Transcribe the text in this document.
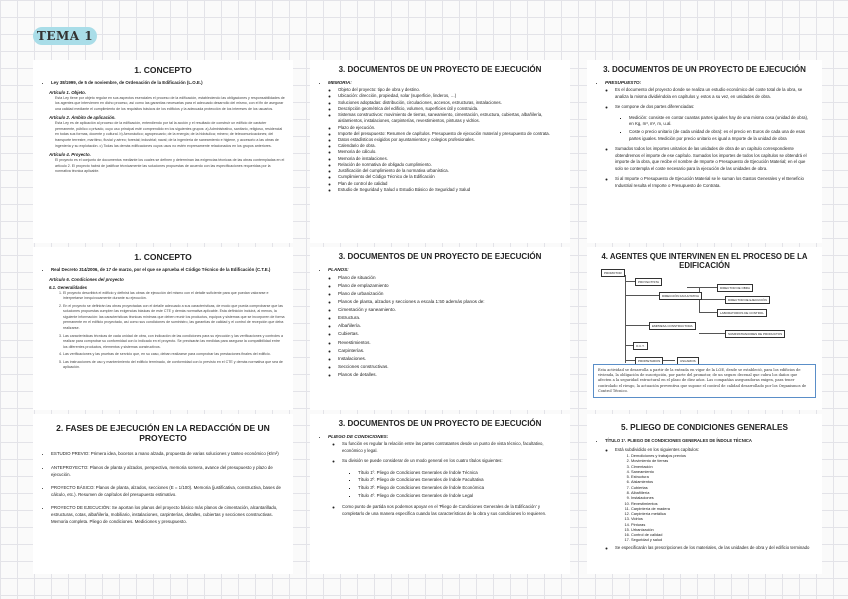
TEMA 1
1. CONCEPTO
• Ley 38/1999, de 5 de noviembre, de Ordenación de la Edificación (L.O.E.)
Artículo 1. Objeto.
Esta Ley tiene por objeto regular en sus aspectos esenciales el proceso de la edificación, estableciendo las obligaciones y responsabilidades de los agentes que intervienen en dicho proceso, así como las garantías necesarias para el adecuado desarrollo del mismo, con el fin de asegurar una calidad mediante el cumplimiento de los requisitos básicos de los edificios y la adecuada protección de los intereses de los usuarios.
Artículo 2. Ámbito de aplicación.
Esta Ley es de aplicación al proceso de la edificación, entendiendo por tal la acción y el resultado de construir un edificio de carácter permanente, público o privado, cuyo uso principal esté comprendido en los siguientes grupos: a) Administrativo, sanitario, religioso, residencial en todas sus formas, docente y cultural. b) Aeronáutico; agropecuario; de la energía; de la hidráulica; minero; de telecomunicaciones; del transporte terrestre, marítimo, fluvial y aéreo; forestal; industrial; naval; de la ingeniería de saneamiento e higiene, y accesorio a las obras de ingeniería y su explotación. c) Todas las demás edificaciones cuyos usos no estén expresamente relacionados en los grupos anteriores.
Artículo 4. Proyecto.
El proyecto es el conjunto de documentos mediante los cuales se definen y determinan las exigencias técnicas de las obras contempladas en el artículo 2. El proyecto habrá de justificar técnicamente las soluciones propuestas de acuerdo con las especificaciones requeridas por la normativa técnica aplicable.
1. CONCEPTO
• Real Decreto 314/2006, de 17 de marzo, por el que se aprueba el Código Técnico de la Edificación (C.T.E.)
Artículo 6. Condiciones del proyecto
6.1. Generalidades
1. El proyecto describirá el edificio y definirá las obras de ejecución del mismo con el detalle suficiente para que puedan valorarse e interpretarse inequívocamente durante su ejecución.
2. En el proyecto se definirán las obras proyectadas con el detalle adecuado a sus características, de modo que pueda comprobarse que las soluciones propuestas cumplen las exigencias básicas de este CTE y demás normativa aplicable. Esta definición incluirá, al menos, la siguiente información: las características técnicas mínimas que deben reunir los productos, equipos y sistemas que se incorporen de forma permanente en el edificio proyectado, así como sus condiciones de suministro, las garantías de calidad y el control de recepción que deba realizarse.
3. Las características técnicas de cada unidad de obra, con indicación de las condiciones para su ejecución y las verificaciones y controles a realizar para comprobar su conformidad con lo indicado en el proyecto. Se precisarán las medidas para asegurar la compatibilidad entre los diferentes productos, elementos y sistemas constructivos.
4. Las verificaciones y las pruebas de servicio que, en su caso, deban realizarse para comprobar las prestaciones finales del edificio.
5. Las instrucciones de uso y mantenimiento del edificio terminado, de conformidad con lo previsto en el CTE y demás normativa que sea de aplicación.
2. FASES DE EJECUCIÓN EN LA REDACCIÓN DE UN PROYECTO
• ESTUDIO PREVIO: Primera idea, bocetos a mano alzada, propuesta de varias soluciones y tanteo económico (€/m²)
• ANTEPROYECTO: Planos de planta y alzados, perspectiva, memoria somera, avance del presupuesto y plazo de ejecución.
• PROYECTO BÁSICO: Planos de planta, alzados, secciones (E = 1/100). Memoria (justificativa, constructiva, bases de cálculo, etc.). Resumen de capítulos del presupuesto estimativo.
• PROYECTO DE EJECUCIÓN: Se aportan los planos del proyecto básico más planos de cimentación, alcantarillado, estructuras, cotas, albañilería, mobiliario, instalaciones, carpinterías, detalles, cubiertas y secciones constructivas. Memoria completa. Pliego de condiciones. Mediciones y presupuesto.
3. DOCUMENTOS DE UN PROYECTO DE EJECUCIÓN
• MEMORIA:
◦ Objeto del proyecto: tipo de obra y destino.
◦ Ubicación: dirección, propiedad, solar (superficie, linderos, …)
◦ Soluciones adoptadas: distribución, circulaciones, accesos, estructuras, instalaciones.
◦ Descripción geométrica del edificio, volumen, superficies útil y construida.
◦ Sistemas constructivos: movimiento de tierras, saneamiento, cimentación, estructura, cubiertas, albañilería, aislamientos, instalaciones, carpinterías, revestimientos, pinturas y vidrios.
◦ Plazo de ejecución.
◦ Importe del presupuesto: Resumen de capítulos. Presupuesto de ejecución material y presupuesto de contrata.
◦ Datos estadísticos exigidos por ayuntamientos y colegios profesionales.
◦ Calendario de obra.
◦ Memoria de cálculo.
◦ Memoria de instalaciones.
◦ Relación de normativa de obligado cumplimiento.
◦ Justificación del cumplimiento de la normativa urbanística.
◦ Cumplimiento del Código Técnico de la Edificación
◦ Plan de control de calidad
◦ Estudio de Seguridad y Salud o Estudio Básico de Seguridad y Salud
3. DOCUMENTOS DE UN PROYECTO DE EJECUCIÓN
• PLANOS:
◦ Plano de situación
◦ Plano de emplazamiento
◦ Plano de urbanización
◦ Planos de planta, alzados y secciones a escala 1:50 además planos de:
◦ Cimentación y saneamiento.
◦ Estructura.
◦ Albañilería.
◦ Cubiertas.
◦ Revestimientos.
◦ Carpinterías.
◦ Instalaciones.
◦ Secciones constructivas.
◦ Planos de detalles.
3. DOCUMENTOS DE UN PROYECTO DE EJECUCIÓN
• PLIEGO DE CONDICIONES:
◦ Su función es regular la relación entre las partes contratantes desde un punto de vista técnico, facultativo, económico y legal.
◦ Su división se puede considerar de un modo general en los cuatro títulos siguientes:
▪ Título 1º. Pliego de Condiciones Generales de Índole Técnica
▪ Título 2º. Pliego de Condiciones Generales de Índole Facultativa
▪ Título 3º. Pliego de Condiciones Generales de Índole Económica
▪ Título 4º. Pliego de Condiciones Generales de Índole Legal
◦ Como punto de partida nos podemos apoyar en el 'Pliego de Condiciones Generales de la Edificación' y completarlo de una manera específica cuando las características de la obra y sus condiciones lo requieren.
3. DOCUMENTOS DE UN PROYECTO DE EJECUCIÓN
• PRESUPUESTO:
◦ Es el documento del proyecto donde se realiza un estudio económico del coste total de la obra, se analiza la misma dividiéndola en capítulos y, estos a su vez, en unidades de obra.
◦ Se compone de dos partes diferenciadas:
▪ Medición: consiste en contar cuantas partes iguales hay de una misma cosa (unidad de obra), en Kg, m³, m², m, u.al.
▪ Coste o precio unitario (de cada unidad de obra): es el precio en Euros de cada una de esas partes iguales. Medición por precio unitario es igual a Importe de la unidad de obra
◦ Sumados todos los importes unitarios de las unidades de obra de un capítulo correspondiente obtendremos el importe de ese capítulo. Sumados los importes de todos los capítulos se obtendrá el importe de la obra, que recibe el nombre de Importe o Presupuesto de Ejecución Material; en el que solo se contempla el coste necesario para la ejecución de las unidades de obra.
◦ Si al Importe o Presupuesto de Ejecución Material se le suman los Gastos Generales y el Beneficio Industrial resulta el Importe o Presupuesto de Contrata.
4. AGENTES QUE INTERVINEN EN EL PROCESO DE LA EDIFICACIÓN
PROMOTOR
PROYECTISTA
DIRECTOR DE OBRA
DIRECCIÓN FACULTATIVA
DIRECTOR DE EJECUCIÓN
LABORATORIOS DE CONTROL
EMPRESA CONSTRUCTORA
SUMINISTRADORES DE PRODUCTOS
O.C.T.
PROPIETARIOS	USUARIOS
Esta actividad se desarrolla a partir de la entrada en vigor de la LOE, desde se estableció, para los edificios de vivienda, la obligación de suscripción, por parte del promotor, de un seguro decenal que cubra los daños que afecten a la seguridad estructural en el plazo de diez años. Las compañías aseguradoras exigen, para tener controlado el riesgo, la actuación preventiva que supone el control de calidad desarrollado por los Organismos de Control Técnico.
5. PLIEGO DE CONDICIONES GENERALES
• TÍTULO 1º. PLIEGO DE CONDICIONES GENERALES DE ÍNDOLE TÉCNICA
◦ Está subdividido en los siguientes capítulos:
1. Demoliciones y trabajos previos
2. Movimiento de tierras
3. Cimentación
4. Saneamiento
5. Estructura
6. Aislamientos
7. Cubiertas
8. Albañilería
9. Instalaciones
10. Revestimientos
11. Carpintería de madera
12. Carpintería metálica
13. Vidrios
14. Pinturas
15. Urbanización
16. Control de calidad
17. Seguridad y salud
◦ Se especificarán las prescripciones de los materiales, de las unidades de obra y del edificio terminado
